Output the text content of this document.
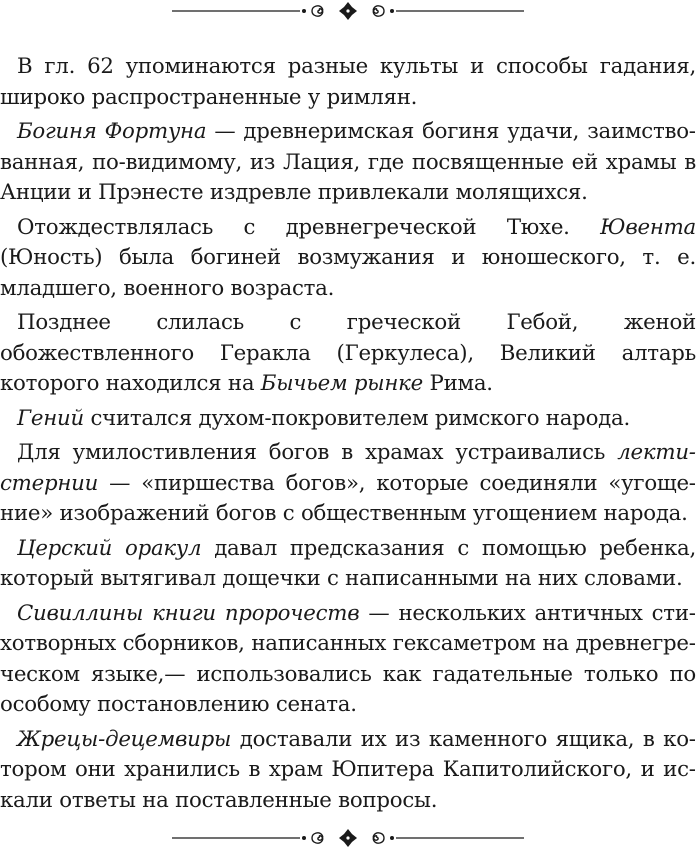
В гл. 62 упоминаются разные культы и способы гадания, широко распространенные у римлян.

Богиня Фортуна — древнеримская богиня удачи, заимствованная, по-видимому, из Лация, где посвященные ей храмы в Анции и Прэнесте издревле привлекали молящихся.

Отождествлялась с древнегреческой Тюхе. Ювента (Юность) была богиней возмужания и юношеского, т. е. младшего, военного возраста.

Позднее слилась с греческой Гебой, женой обожествленного Геракла (Геркулеса), Великий алтарь которого находился на Бычьем рынке Рима.

Гений считался духом-покровителем римского народа.

Для умилостивления богов в храмах устраивались лектистернии — «пиршества богов», которые соединяли «угощение» изображений богов с общественным угощением народа.

Церский оракул давал предсказания с помощью ребенка, который вытягивал дощечки с написанными на них словами.

Сивиллины книги пророчеств — нескольких античных стихотворных сборников, написанных гексаметром на древнегреческом языке,— использовались как гадательные только по особому постановлению сената.

Жрецы-децемвиры доставали их из каменного ящика, в котором они хранились в храм Юпитера Капитолийского, и искали ответы на поставленные вопросы.
